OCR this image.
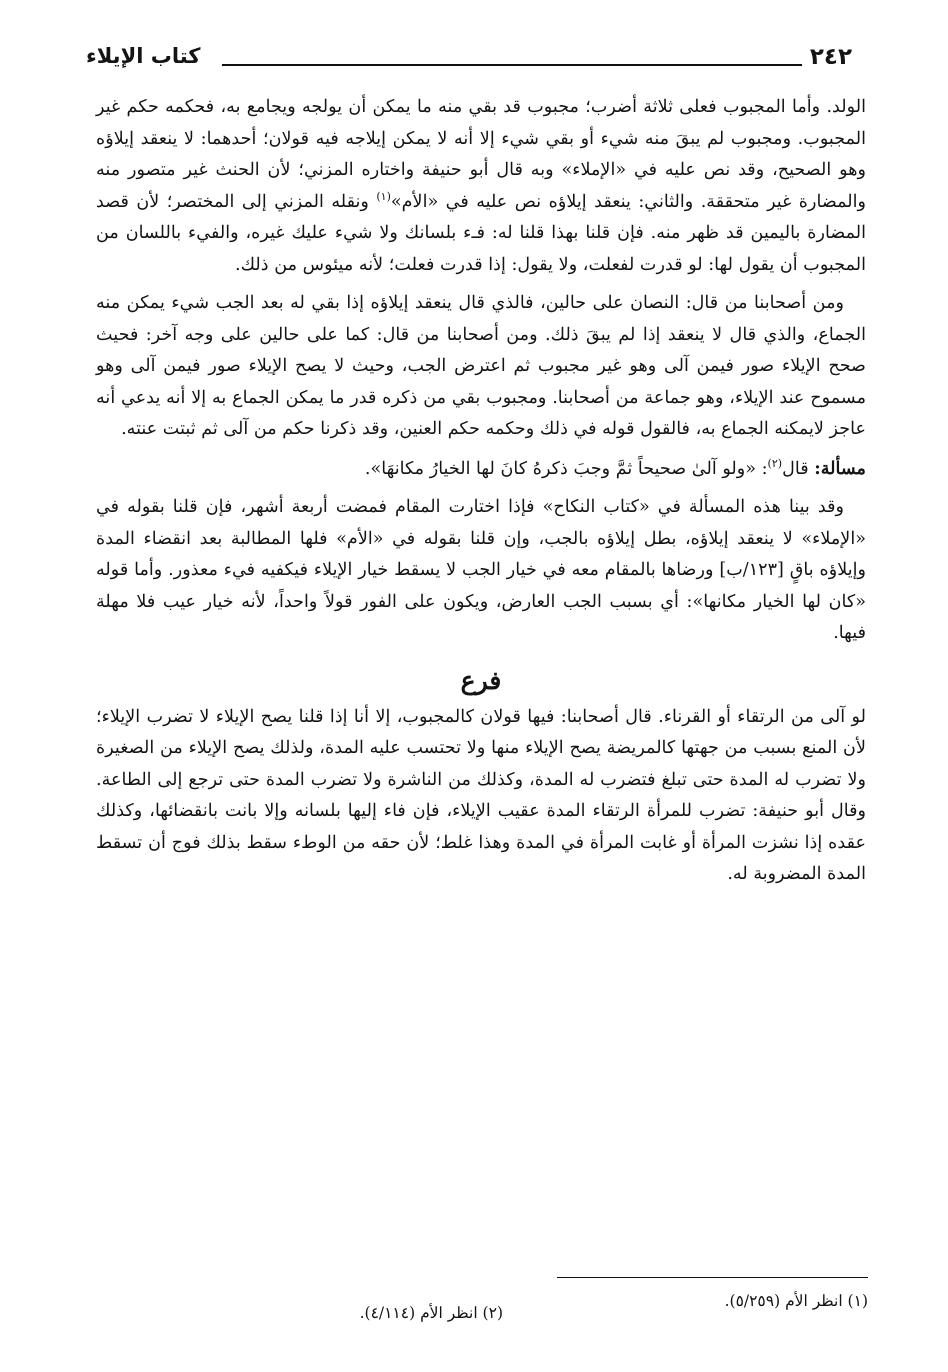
٢٤٢
كتاب الإيلاء

الولد. وأما المجبوب فعلى ثلاثة أضرب؛ مجبوب قد بقي منه ما يمكن أن يولجه ويجامع به، فحكمه حكم غير المجبوب. ومجبوب لم يبقَ منه شيء أو بقي شيء إلا أنه لا يمكن إيلاجه فيه قولان؛ أحدهما: لا ينعقد إيلاؤه وهو الصحيح، وقد نص عليه في «الإملاء» وبه قال أبو حنيفة واختاره المزني؛ لأن الحنث غير متصور منه والمضارة غير متحققة. والثاني: ينعقد إيلاؤه نص عليه في «الأم»$^{(١)}$ ونقله المزني إلى المختصر؛ لأن قصد المضارة باليمين قد ظهر منه. فإن قلنا بهذا قلنا له: فـء بلسانك ولا شيء عليك غيره، والفيء باللسان من المجبوب أن يقول لها: لو قدرت لفعلت، ولا يقول: إذا قدرت فعلت؛ لأنه ميئوس من ذلك.

ومن أصحابنا من قال: النصان على حالين، فالذي قال ينعقد إيلاؤه إذا بقي له بعد الجب شيء يمكن منه الجماع، والذي قال لا ينعقد إذا لم يبقَ ذلك. ومن أصحابنا من قال: كما على حالين على وجه آخر: فحيث صحح الإيلاء صور فيمن آلى وهو غير مجبوب ثم اعترض الجب، وحيث لا يصح الإيلاء صور فيمن آلى وهو مسموح عند الإيلاء، وهو جماعة من أصحابنا. ومجبوب بقي من ذكره قدر ما يمكن الجماع به إلا أنه يدعي أنه عاجز لايمكنه الجماع به، فالقول قوله في ذلك وحكمه حكم العنين، وقد ذكرنا حكم من آلى ثم ثبتت عنته.

مسألة: قال$^{(٢)}$: «ولو آلىٰ صحيحاً ثمَّ وجبَ ذكرهُ كانَ لها الخيارُ مكانهَا».

وقد بينا هذه المسألة في «كتاب النكاح» فإذا اختارت المقام فمضت أربعة أشهر، فإن قلنا بقوله في «الإملاء» لا ينعقد إيلاؤه، بطل إيلاؤه بالجب، وإن قلنا بقوله في «الأم» فلها المطالبة بعد انقضاء المدة وإيلاؤه باقٍ [١٢٣/ب] ورضاها بالمقام معه في خيار الجب لا يسقط خيار الإيلاء فيكفيه فيء معذور. وأما قوله «كان لها الخيار مكانها»: أي بسبب الجب العارض، ويكون على الفور قولاً واحداً، لأنه خيار عيب فلا مهلة فيها.

فرع

لو آلى من الرتقاء أو القرناء. قال أصحابنا: فيها قولان كالمجبوب، إلا أنا إذا قلنا يصح الإيلاء لا تضرب الإيلاء؛ لأن المنع بسبب من جهتها كالمريضة يصح الإيلاء منها ولا تحتسب عليه المدة، ولذلك يصح الإيلاء من الصغيرة ولا تضرب له المدة حتى تبلغ فتضرب له المدة، وكذلك من الناشرة ولا تضرب المدة حتى ترجع إلى الطاعة. وقال أبو حنيفة: تضرب للمرأة الرتقاء المدة عقيب الإيلاء، فإن فاء إليها بلسانه وإلا بانت بانقضائها، وكذلك عقده إذا نشزت المرأة أو غابت المرأة في المدة وهذا غلط؛ لأن حقه من الوطء سقط بذلك فوج أن تسقط المدة المضروبة له.

(١) انظر الأم (٥/٢٥٩).
(٢) انظر الأم (٤/١١٤).
